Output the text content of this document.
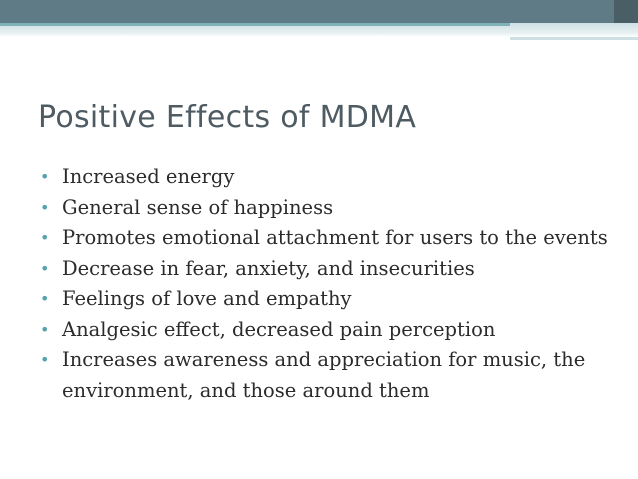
Positive Effects of MDMA
• Increased energy
• General sense of happiness
• Promotes emotional attachment for users to the events
• Decrease in fear, anxiety, and insecurities
• Feelings of love and empathy
• Analgesic effect, decreased pain perception
• Increases awareness and appreciation for music, the environment, and those around them
